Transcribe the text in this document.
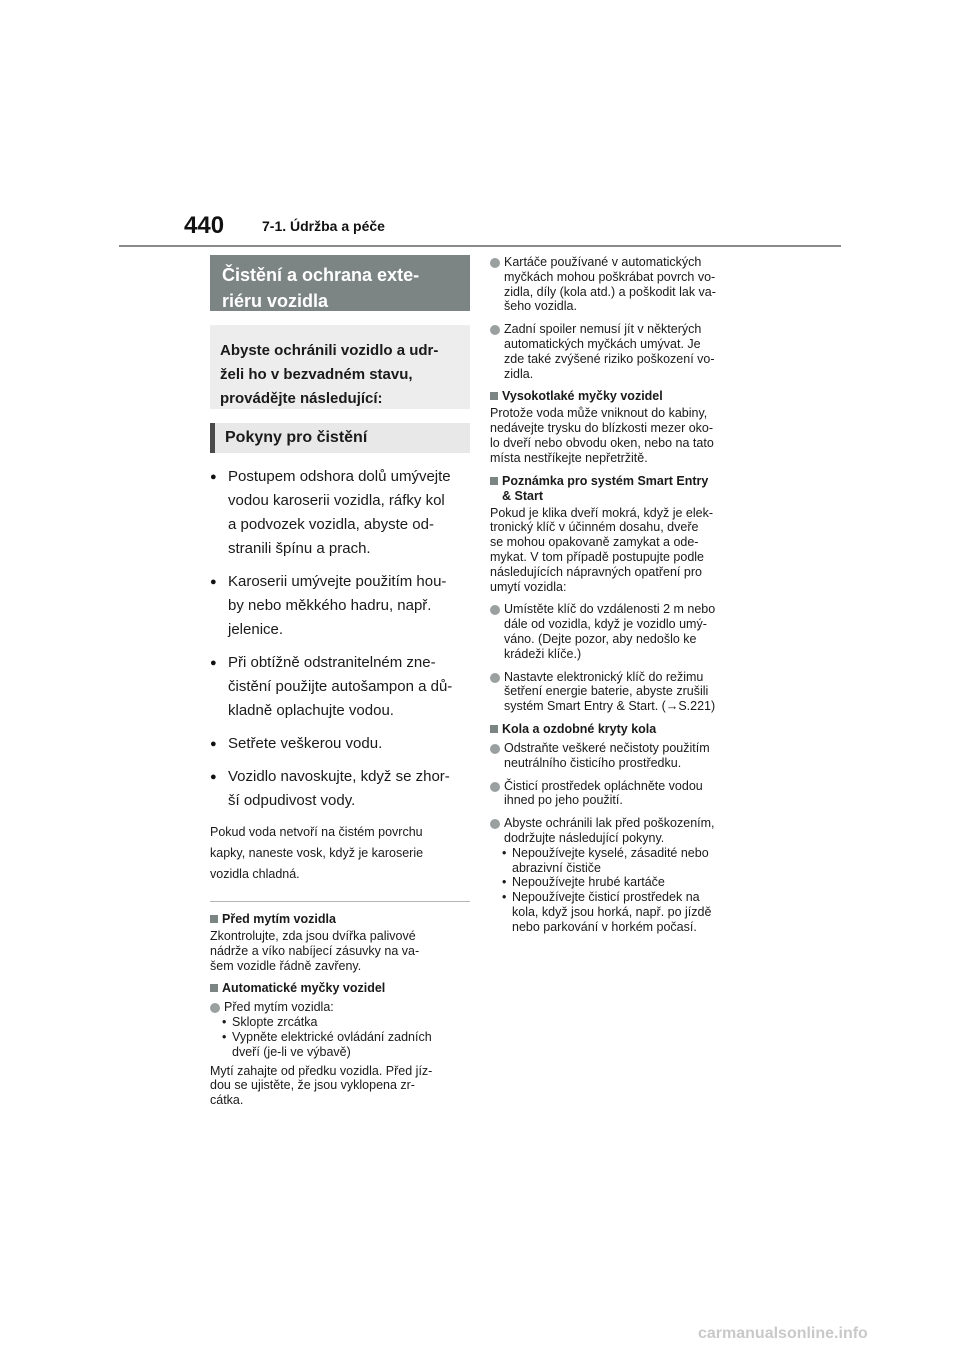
440	7-1. Údržba a péče
Čistění a ochrana exte-
riéru vozidla
Abyste ochránili vozidlo a udr-
želi ho v bezvadném stavu,
provádějte následující:
Pokyny pro čistění
● Postupem odshora dolů umývejte
vodou karoserii vozidla, ráfky kol
a podvozek vozidla, abyste od-
stranili špínu a prach.
● Karoserii umývejte použitím hou-
by nebo měkkého hadru, např.
jelenice.
● Při obtížně odstranitelném zne-
čistění použijte autošampon a dů-
kladně oplachujte vodou.
● Setřete veškerou vodu.
● Vozidlo navoskujte, když se zhor-
ší odpudivost vody.
Pokud voda netvoří na čistém povrchu
kapky, naneste vosk, když je karoserie
vozidla chladná.
Před mytím vozidla
Zkontrolujte, zda jsou dvířka palivové
nádrže a víko nabíjecí zásuvky na va-
šem vozidle řádně zavřeny.
Automatické myčky vozidel
Před mytím vozidla:
• Sklopte zrcátka
• Vypněte elektrické ovládání zadních
dveří (je-li ve výbavě)
Mytí zahajte od předku vozidla. Před jíz-
dou se ujistěte, že jsou vyklopena zr-
cátka.
Kartáče používané v automatických
myčkách mohou poškrábat povrch vo-
zidla, díly (kola atd.) a poškodit lak va-
šeho vozidla.
Zadní spoiler nemusí jít v některých
automatických myčkách umývat. Je
zde také zvýšené riziko poškození vo-
zidla.
Vysokotlaké myčky vozidel
Protože voda může vniknout do kabiny,
nedávejte trysku do blízkosti mezer oko-
lo dveří nebo obvodu oken, nebo na tato
místa nestříkejte nepřetržitě.
Poznámka pro systém Smart Entry
& Start
Pokud je klika dveří mokrá, když je elek-
tronický klíč v účinném dosahu, dveře
se mohou opakovaně zamykat a ode-
mykat. V tom případě postupujte podle
následujících nápravných opatření pro
umytí vozidla:
Umístěte klíč do vzdálenosti 2 m nebo
dále od vozidla, když je vozidlo umý-
váno. (Dejte pozor, aby nedošlo ke
krádeži klíče.)
Nastavte elektronický klíč do režimu
šetření energie baterie, abyste zrušili
systém Smart Entry & Start. (→S.221)
Kola a ozdobné kryty kola
Odstraňte veškeré nečistoty použitím
neutrálního čisticího prostředku.
Čisticí prostředek opláchněte vodou
ihned po jeho použití.
Abyste ochránili lak před poškozením,
dodržujte následující pokyny.
• Nepoužívejte kyselé, zásadité nebo
abrazivní čističe
• Nepoužívejte hrubé kartáče
• Nepoužívejte čisticí prostředek na
kola, když jsou horká, např. po jízdě
nebo parkování v horkém počasí.
carmanualsonline.info
